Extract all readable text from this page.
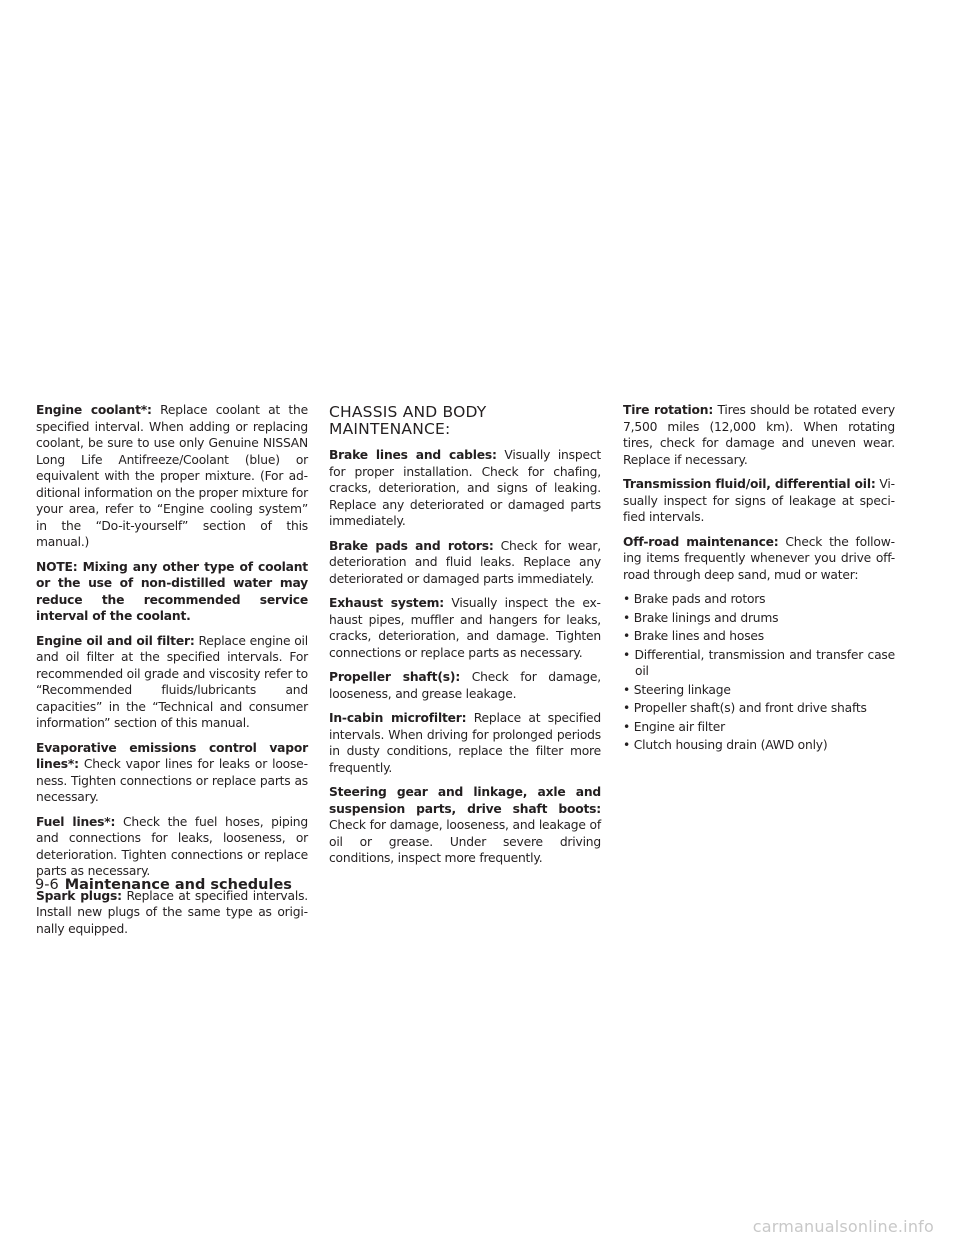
Engine coolant*: Replace coolant at the specified interval. When adding or replacing coolant, be sure to use only Genuine NISSAN Long Life Antifreeze/Coolant (blue) or equivalent with the proper mixture. (For additional information on the proper mixture for your area, refer to “Engine cooling system” in the “Do-it-yourself” section of this manual.)

NOTE: Mixing any other type of coolant or the use of non-distilled water may reduce the recommended service interval of the coolant.

Engine oil and oil filter: Replace engine oil and oil filter at the specified intervals. For recommended oil grade and viscosity refer to “Recommended fluids/lubricants and capacities” in the “Technical and consumer information” section of this manual.

Evaporative emissions control vapor lines*: Check vapor lines for leaks or looseness. Tighten connections or replace parts as necessary.

Fuel lines*: Check the fuel hoses, piping and connections for leaks, looseness, or deterioration. Tighten connections or replace parts as necessary.

Spark plugs: Replace at specified intervals. Install new plugs of the same type as originally equipped.

CHASSIS AND BODY MAINTENANCE:

Brake lines and cables: Visually inspect for proper installation. Check for chafing, cracks, deterioration, and signs of leaking. Replace any deteriorated or damaged parts immediately.

Brake pads and rotors: Check for wear, deterioration and fluid leaks. Replace any deteriorated or damaged parts immediately.

Exhaust system: Visually inspect the exhaust pipes, muffler and hangers for leaks, cracks, deterioration, and damage. Tighten connections or replace parts as necessary.

Propeller shaft(s): Check for damage, looseness, and grease leakage.

In-cabin microfilter: Replace at specified intervals. When driving for prolonged periods in dusty conditions, replace the filter more frequently.

Steering gear and linkage, axle and suspension parts, drive shaft boots: Check for damage, looseness, and leakage of oil or grease. Under severe driving conditions, inspect more frequently.

Tire rotation: Tires should be rotated every 7,500 miles (12,000 km). When rotating tires, check for damage and uneven wear. Replace if necessary.

Transmission fluid/oil, differential oil: Visually inspect for signs of leakage at specified intervals.

Off-road maintenance: Check the following items frequently whenever you drive off-road through deep sand, mud or water:

• Brake pads and rotors
• Brake linings and drums
• Brake lines and hoses
• Differential, transmission and transfer case oil
• Steering linkage
• Propeller shaft(s) and front drive shafts
• Engine air filter
• Clutch housing drain (AWD only)
9-6 Maintenance and schedules
carmanualsonline.info
